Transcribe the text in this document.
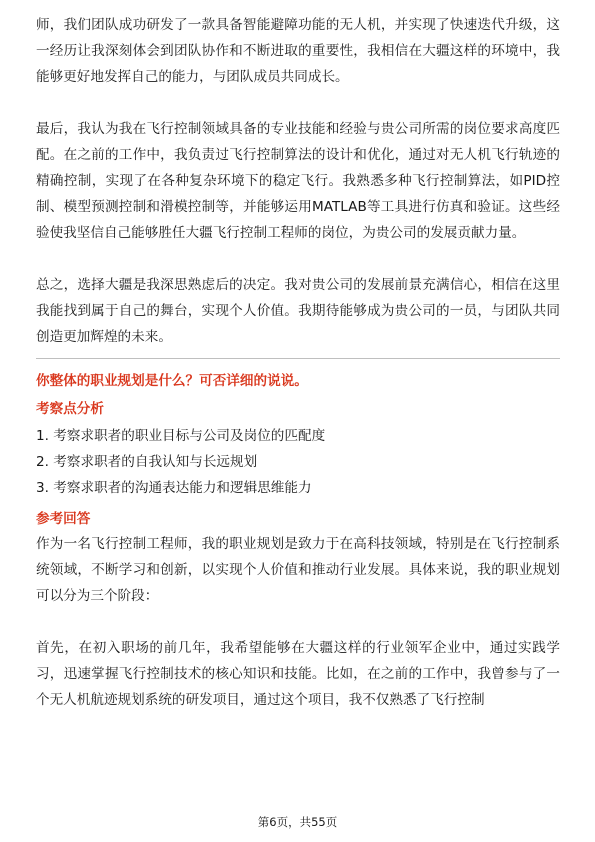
师，我们团队成功研发了一款具备智能避障功能的无人机，并实现了快速迭代升级，这一经历让我深刻体会到团队协作和不断进取的重要性，我相信在大疆这样的环境中，我能够更好地发挥自己的能力，与团队成员共同成长。

最后，我认为我在飞行控制领域具备的专业技能和经验与贵公司所需的岗位要求高度匹配。在之前的工作中，我负责过飞行控制算法的设计和优化，通过对无人机飞行轨迹的精确控制，实现了在各种复杂环境下的稳定飞行。我熟悉多种飞行控制算法，如PID控制、模型预测控制和滑模控制等，并能够运用MATLAB等工具进行仿真和验证。这些经验使我坚信自己能够胜任大疆飞行控制工程师的岗位，为贵公司的发展贡献力量。

总之，选择大疆是我深思熟虑后的决定。我对贵公司的发展前景充满信心，相信在这里我能找到属于自己的舞台，实现个人价值。我期待能够成为贵公司的一员，与团队共同创造更加辉煌的未来。

你整体的职业规划是什么？可否详细的说说。

考察点分析

1. 考察求职者的职业目标与公司及岗位的匹配度

2. 考察求职者的自我认知与长远规划

3. 考察求职者的沟通表达能力和逻辑思维能力

参考回答

作为一名飞行控制工程师，我的职业规划是致力于在高科技领域，特别是在飞行控制系统领域，不断学习和创新，以实现个人价值和推动行业发展。具体来说，我的职业规划可以分为三个阶段：

首先，在初入职场的前几年，我希望能够在大疆这样的行业领军企业中，通过实践学习，迅速掌握飞行控制技术的核心知识和技能。比如，在之前的工作中，我曾参与了一个无人机航迹规划系统的研发项目，通过这个项目，我不仅熟悉了飞行控制

第6页，共55页
